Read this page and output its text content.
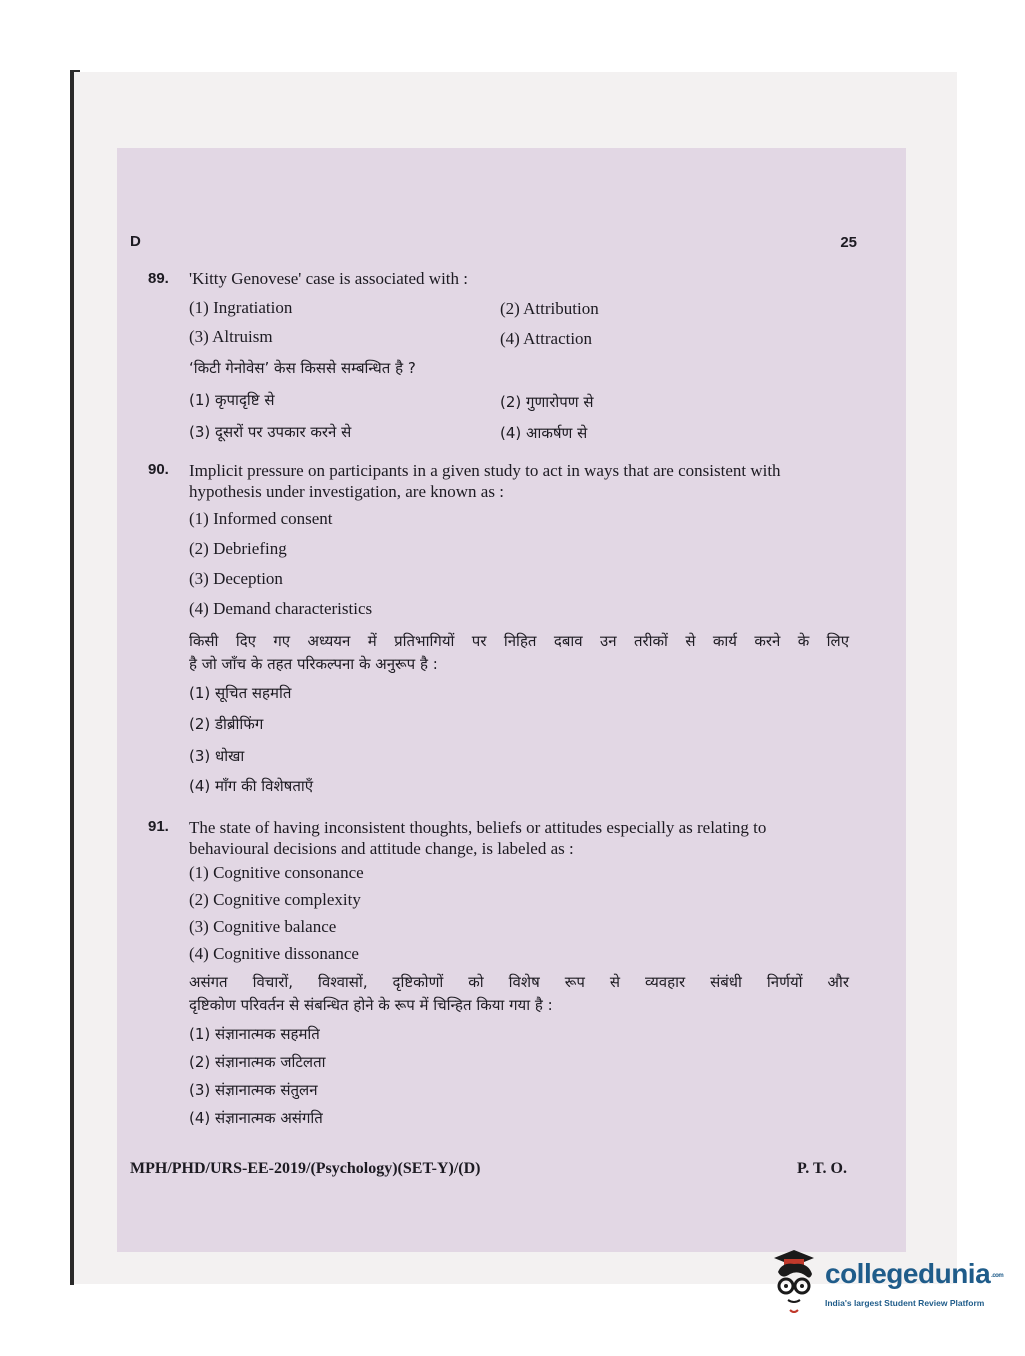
D	25
89. 'Kitty Genovese' case is associated with :
(1) Ingratiation	(2) Attribution
(3) Altruism	(4) Attraction
‘किटी गेनोवेस’ केस किससे सम्बन्धित है ?
(1) कृपादृष्टि से	(2) गुणारोपण से
(3) दूसरों पर उपकार करने से	(4) आकर्षण से
90. Implicit pressure on participants in a given study to act in ways that are consistent with
hypothesis under investigation, are known as :
(1) Informed consent
(2) Debriefing
(3) Deception
(4) Demand characteristics
किसी दिए गए अध्ययन में प्रतिभागियों पर निहित दबाव उन तरीकों से कार्य करने के लिए
है जो जाँच के तहत परिकल्पना के अनुरूप है :
(1) सूचित सहमति
(2) डीब्रीफिंग
(3) धोखा
(4) माँग की विशेषताएँ
91. The state of having inconsistent thoughts, beliefs or attitudes especially as relating to
behavioural decisions and attitude change, is labeled as :
(1) Cognitive consonance
(2) Cognitive complexity
(3) Cognitive balance
(4) Cognitive dissonance
असंगत विचारों, विश्वासों, दृष्टिकोणों को विशेष रूप से व्यवहार संबंधी निर्णयों और
दृष्टिकोण परिवर्तन से संबन्धित होने के रूप में चिन्हित किया गया है :
(1) संज्ञानात्मक सहमति
(2) संज्ञानात्मक जटिलता
(3) संज्ञानात्मक संतुलन
(4) संज्ञानात्मक असंगति
MPH/PHD/URS-EE-2019/(Psychology)(SET-Y)/(D)	P. T. O.
collegedunia.com
India's largest Student Review Platform
